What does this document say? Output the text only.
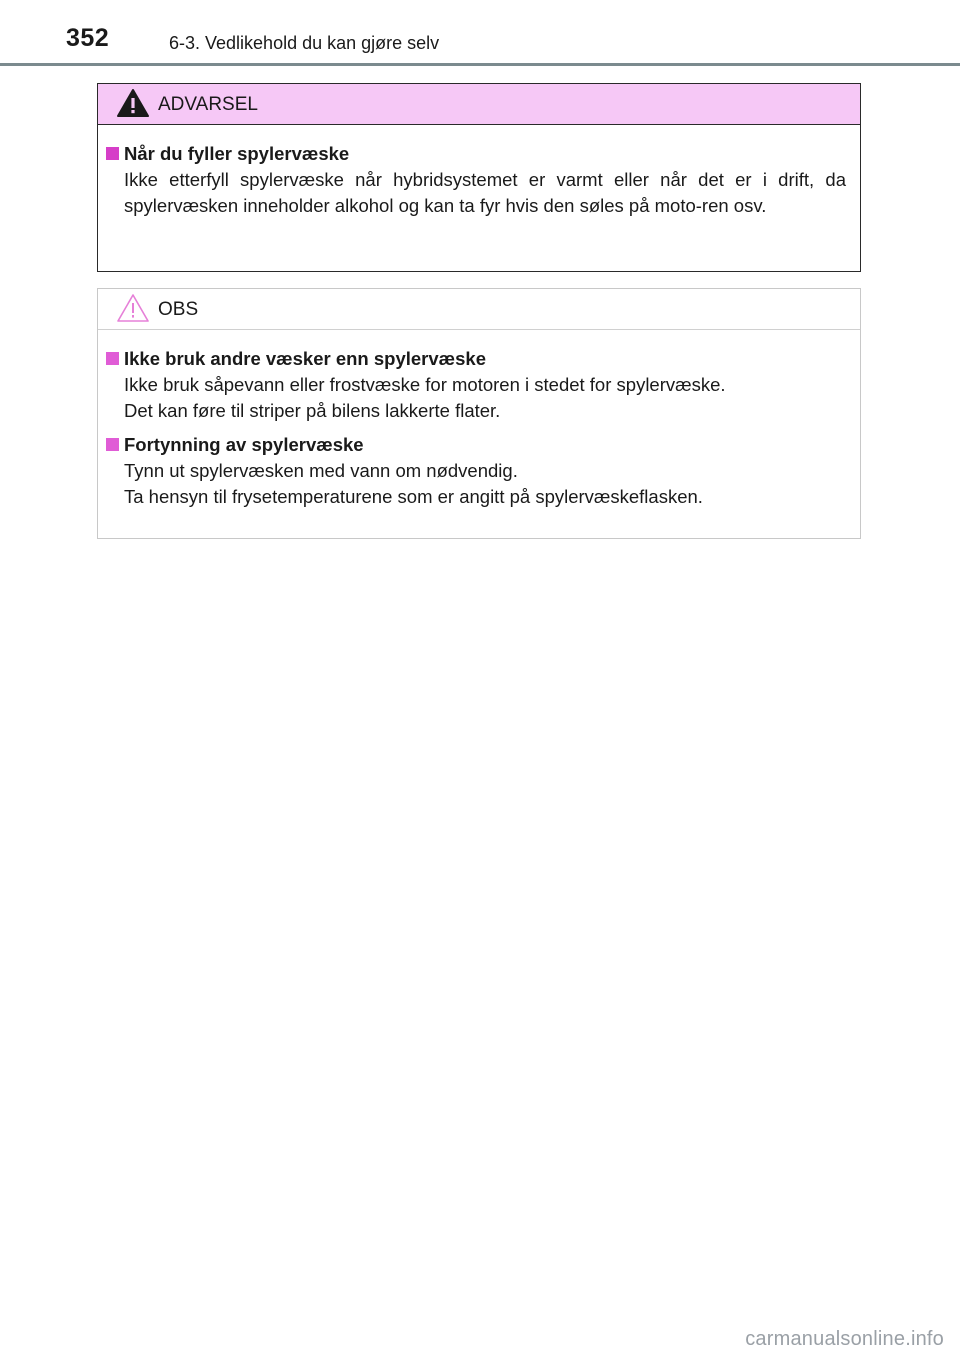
352	6-3. Vedlikehold du kan gjøre selv
ADVARSEL
Når du fyller spylervæske
Ikke etterfyll spylervæske når hybridsystemet er varmt eller når det er i drift, da spylervæsken inneholder alkohol og kan ta fyr hvis den søles på moto-ren osv.
OBS
Ikke bruk andre væsker enn spylervæske
Ikke bruk såpevann eller frostvæske for motoren i stedet for spylervæske.
Det kan føre til striper på bilens lakkerte flater.
Fortynning av spylervæske
Tynn ut spylervæsken med vann om nødvendig.
Ta hensyn til frysetemperaturene som er angitt på spylervæskeflasken.
carmanualsonline.info
